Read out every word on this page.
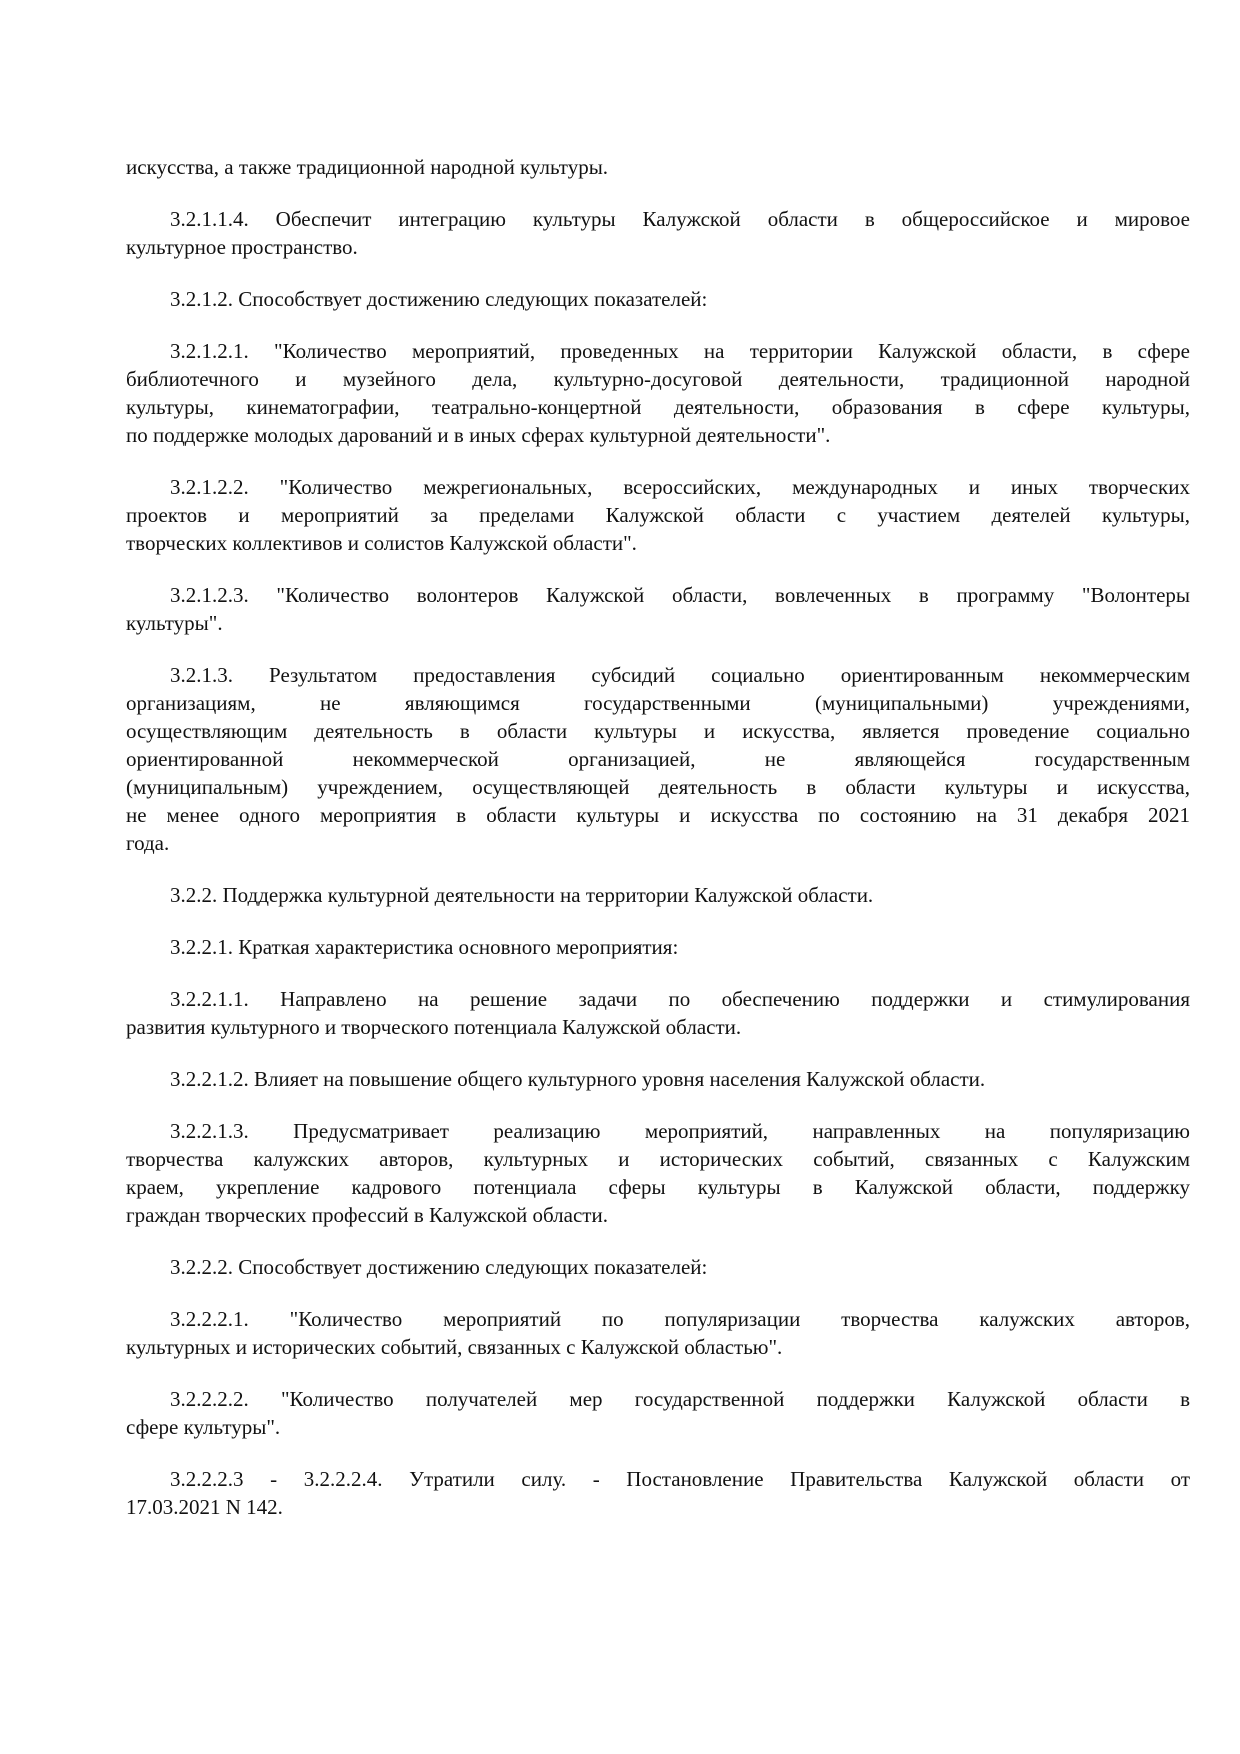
искусства, а также традиционной народной культуры.
3.2.1.1.4. Обеспечит интеграцию культуры Калужской области в общероссийское и мировое
культурное пространство.
3.2.1.2. Способствует достижению следующих показателей:
3.2.1.2.1. "Количество мероприятий, проведенных на территории Калужской области, в сфере
библиотечного и музейного дела, культурно-досуговой деятельности, традиционной народной
культуры, кинематографии, театрально-концертной деятельности, образования в сфере культуры,
по поддержке молодых дарований и в иных сферах культурной деятельности".
3.2.1.2.2. "Количество межрегиональных, всероссийских, международных и иных творческих
проектов и мероприятий за пределами Калужской области с участием деятелей культуры,
творческих коллективов и солистов Калужской области".
3.2.1.2.3. "Количество волонтеров Калужской области, вовлеченных в программу "Волонтеры
культуры".
3.2.1.3. Результатом предоставления субсидий социально ориентированным некоммерческим
организациям, не являющимся государственными (муниципальными) учреждениями,
осуществляющим деятельность в области культуры и искусства, является проведение социально
ориентированной некоммерческой организацией, не являющейся государственным
(муниципальным) учреждением, осуществляющей деятельность в области культуры и искусства,
не менее одного мероприятия в области культуры и искусства по состоянию на 31 декабря 2021
года.
3.2.2. Поддержка культурной деятельности на территории Калужской области.
3.2.2.1. Краткая характеристика основного мероприятия:
3.2.2.1.1. Направлено на решение задачи по обеспечению поддержки и стимулирования
развития культурного и творческого потенциала Калужской области.
3.2.2.1.2. Влияет на повышение общего культурного уровня населения Калужской области.
3.2.2.1.3. Предусматривает реализацию мероприятий, направленных на популяризацию
творчества калужских авторов, культурных и исторических событий, связанных с Калужским
краем, укрепление кадрового потенциала сферы культуры в Калужской области, поддержку
граждан творческих профессий в Калужской области.
3.2.2.2. Способствует достижению следующих показателей:
3.2.2.2.1. "Количество мероприятий по популяризации творчества калужских авторов,
культурных и исторических событий, связанных с Калужской областью".
3.2.2.2.2. "Количество получателей мер государственной поддержки Калужской области в
сфере культуры".
3.2.2.2.3 - 3.2.2.2.4. Утратили силу. - Постановление Правительства Калужской области от
17.03.2021 N 142.
